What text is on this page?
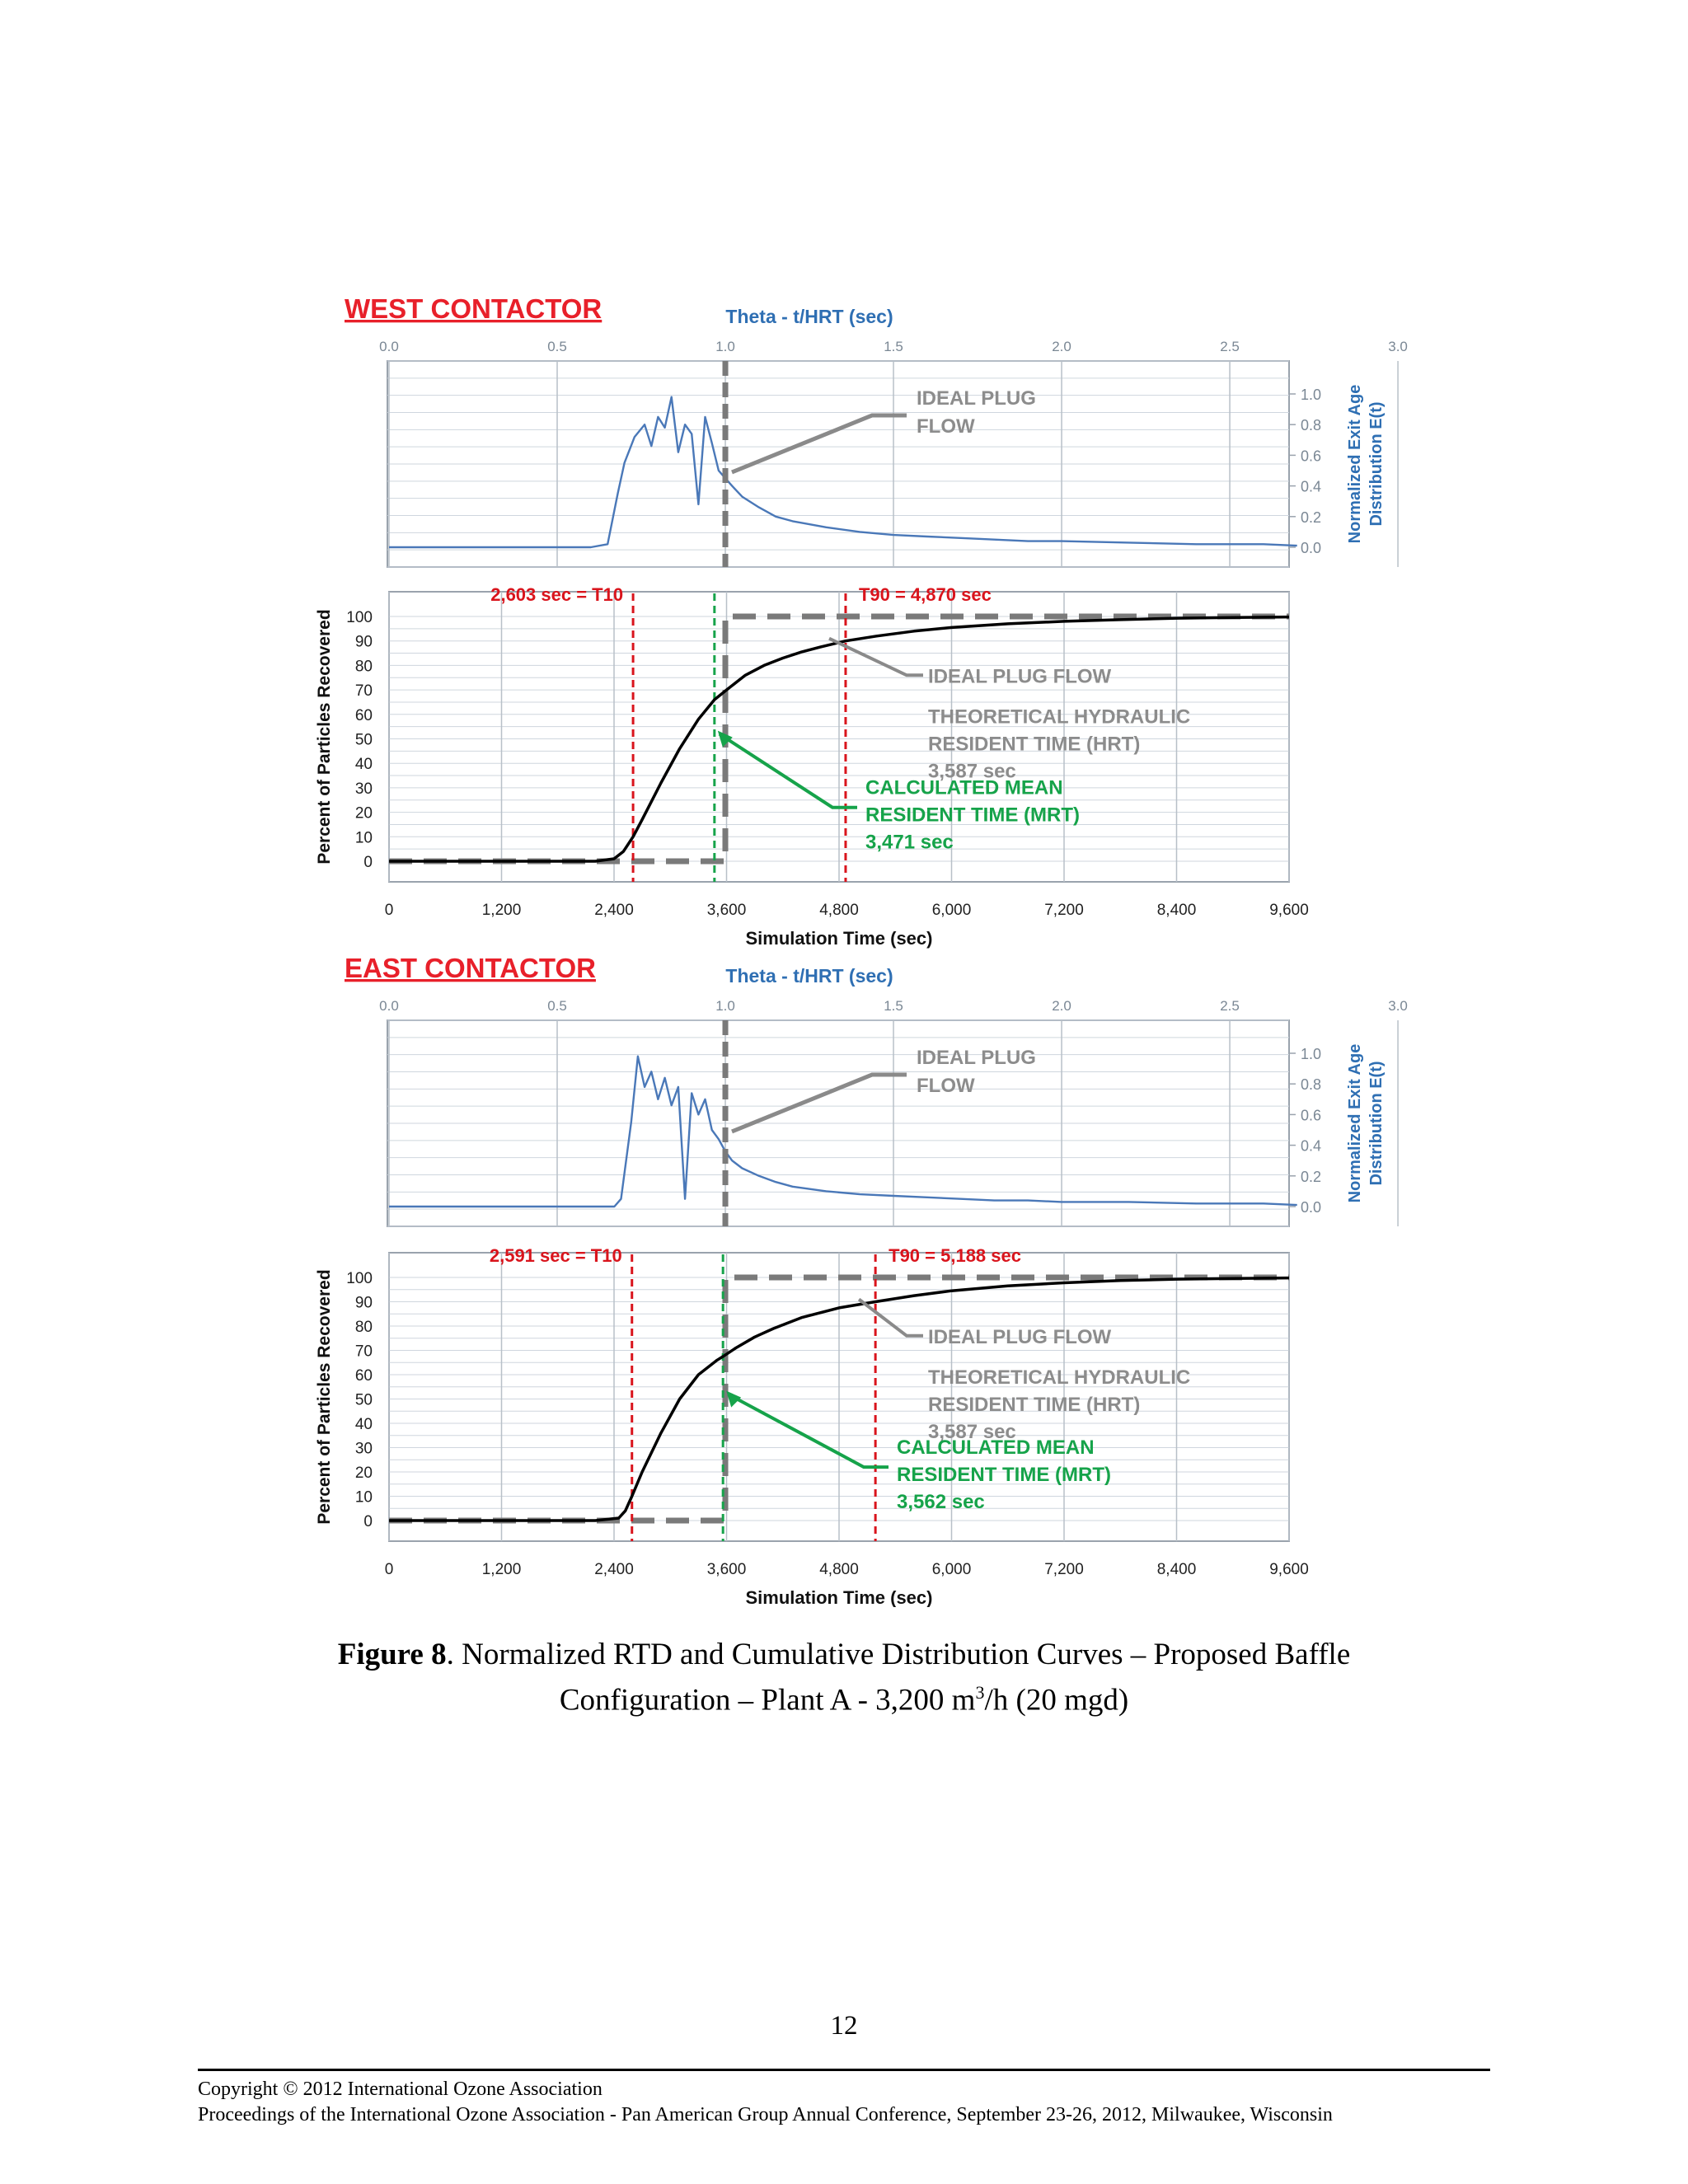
0.0	0.5	1.0	1.5	2.0	2.5	3.0
Theta - t/HRT (sec)
1.0
0.8
0.6
0.4
0.2
0.0
Normalized Exit Age Distribution E(t)
IDEAL PLUG
FLOW
WEST CONTACTOR
100
90
80
70
60
50
40
30
20
10
0
0	1,200	2,400	3,600	4,800	6,000	7,200	8,400	9,600
Simulation Time (sec)
Percent of Particles Recovered
2,603 sec = T10	T90 = 4,870 sec
IDEAL PLUG FLOW
THEORETICAL HYDRAULIC
RESIDENT TIME (HRT)
3,587 sec
CALCULATED MEAN
RESIDENT TIME (MRT)
3,471 sec
0.0	0.5	1.0	1.5	2.0	2.5	3.0
Theta - t/HRT (sec)
1.0
0.8
0.6
0.4
0.2
0.0
Normalized Exit Age Distribution E(t)
IDEAL PLUG
FLOW
EAST CONTACTOR
100
90
80
70
60
50
40
30
20
10
0
0	1,200	2,400	3,600	4,800	6,000	7,200	8,400	9,600
Simulation Time (sec)
Percent of Particles Recovered
2,591 sec = T10	T90 = 5,188 sec
IDEAL PLUG FLOW
THEORETICAL HYDRAULIC
RESIDENT TIME (HRT)
3,587 sec
CALCULATED MEAN
RESIDENT TIME (MRT)
3,562 sec
Figure 8. Normalized RTD and Cumulative Distribution Curves – Proposed Baffle
Configuration – Plant A - 3,200 $m^3/h$ (20 mgd)
12
Copyright © 2012 International Ozone Association
Proceedings of the International Ozone Association - Pan American Group Annual Conference, September 23-26, 2012, Milwaukee, Wisconsin
